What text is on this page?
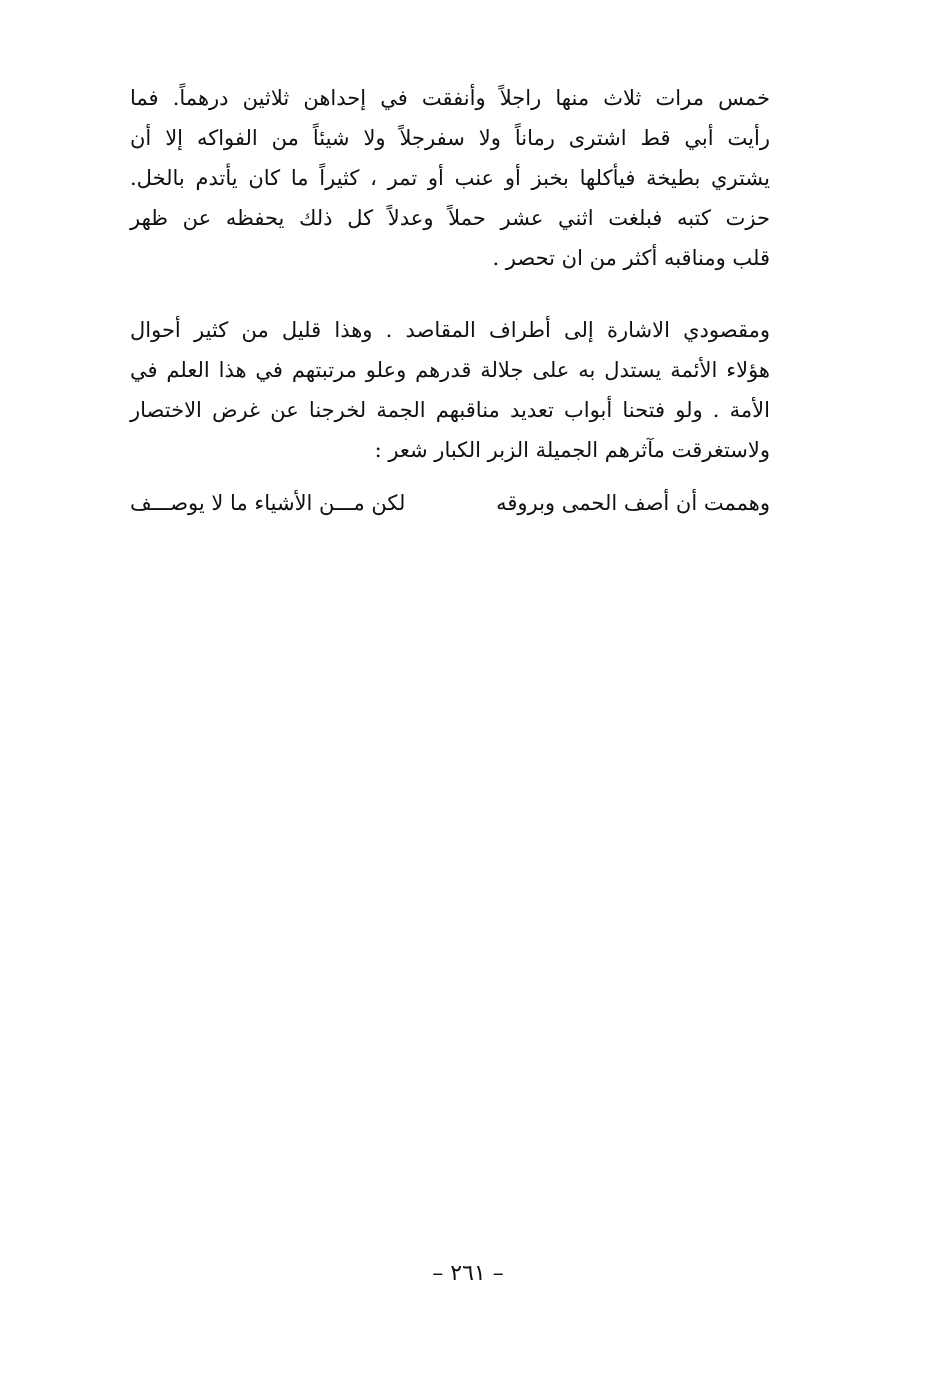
خمس مرات ثلاث منها راجلاً وأنفقت في إحداهن ثلاثين درهماً. فما
رأيت أبي قط اشترى رماناً ولا سفرجلاً ولا شيئاً من الفواكه إلا أن
يشتري بطيخة فيأكلها بخبز أو عنب أو تمر ، كثيراً ما كان يأتدم بالخل.
حزت كتبه فبلغت اثني عشر حملاً وعدلاً كل ذلك يحفظه عن ظهر
قلب ومناقبه أكثر من ان تحصر .
ومقصودي الاشارة إلى أطراف المقاصد . وهذا قليل من كثير أحوال
هؤلاء الأئمة يستدل به على جلالة قدرهم وعلو مرتبتهم في هذا العلم في
الأمة . ولو فتحنا أبواب تعديد مناقبهم الجمة لخرجنا عن غرض الاختصار
ولاستغرقت مآثرهم الجميلة الزبر الكبار شعر :
وهممت أن أصف الحمى وبروقه
لكن مـــن الأشياء ما لا يوصـــف
– ٢٦١ –
